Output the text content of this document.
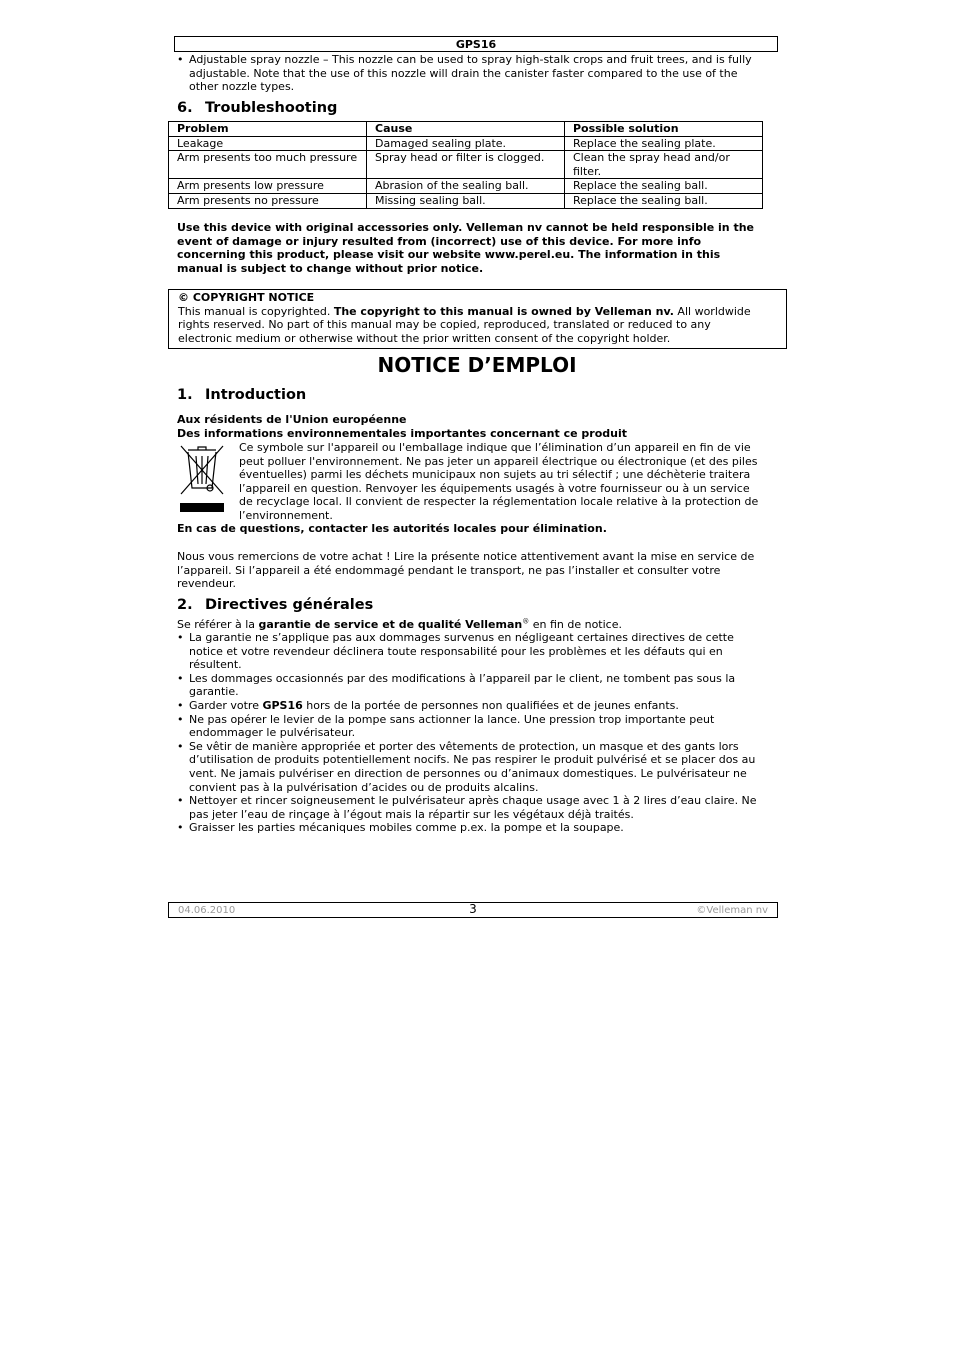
GPS16
• Adjustable spray nozzle – This nozzle can be used to spray high-stalk crops and fruit trees, and is fully
adjustable. Note that the use of this nozzle will drain the canister faster compared to the use of the
other nozzle types.
6. Troubleshooting
Problem	Cause	Possible solution
Leakage	Damaged sealing plate.	Replace the sealing plate.
Arm presents too much pressure	Spray head or filter is clogged.	Clean the spray head and/or filter.
Arm presents low pressure	Abrasion of the sealing ball.	Replace the sealing ball.
Arm presents no pressure	Missing sealing ball.	Replace the sealing ball.
Use this device with original accessories only. Velleman nv cannot be held responsible in the
event of damage or injury resulted from (incorrect) use of this device. For more info
concerning this product, please visit our website www.perel.eu. The information in this
manual is subject to change without prior notice.
© COPYRIGHT NOTICE
This manual is copyrighted. The copyright to this manual is owned by Velleman nv. All worldwide
rights reserved. No part of this manual may be copied, reproduced, translated or reduced to any
electronic medium or otherwise without the prior written consent of the copyright holder.
NOTICE D’EMPLOI
1. Introduction
Aux résidents de l'Union européenne
Des informations environnementales importantes concernant ce produit
Ce symbole sur l'appareil ou l'emballage indique que l’élimination d’un appareil en fin de vie
peut polluer l'environnement. Ne pas jeter un appareil électrique ou électronique (et des piles
éventuelles) parmi les déchets municipaux non sujets au tri sélectif ; une déchèterie traitera
l’appareil en question. Renvoyer les équipements usagés à votre fournisseur ou à un service
de recyclage local. Il convient de respecter la réglementation locale relative à la protection de
l’environnement.
En cas de questions, contacter les autorités locales pour élimination.
Nous vous remercions de votre achat ! Lire la présente notice attentivement avant la mise en service de
l’appareil. Si l’appareil a été endommagé pendant le transport, ne pas l’installer et consulter votre
revendeur.
2. Directives générales
Se référer à la garantie de service et de qualité Velleman® en fin de notice.
• La garantie ne s’applique pas aux dommages survenus en négligeant certaines directives de cette
notice et votre revendeur déclinera toute responsabilité pour les problèmes et les défauts qui en
résultent.
• Les dommages occasionnés par des modifications à l’appareil par le client, ne tombent pas sous la
garantie.
• Garder votre GPS16 hors de la portée de personnes non qualifiées et de jeunes enfants.
• Ne pas opérer le levier de la pompe sans actionner la lance. Une pression trop importante peut
endommager le pulvérisateur.
• Se vêtir de manière appropriée et porter des vêtements de protection, un masque et des gants lors
d’utilisation de produits potentiellement nocifs. Ne pas respirer le produit pulvérisé et se placer dos au
vent. Ne jamais pulvériser en direction de personnes ou d’animaux domestiques. Le pulvérisateur ne
convient pas à la pulvérisation d’acides ou de produits alcalins.
• Nettoyer et rincer soigneusement le pulvérisateur après chaque usage avec 1 à 2 lires d’eau claire. Ne
pas jeter l’eau de rinçage à l’égout mais la répartir sur les végétaux déjà traités.
• Graisser les parties mécaniques mobiles comme p.ex. la pompe et la soupape.
04.06.2010	3	©Velleman nv
